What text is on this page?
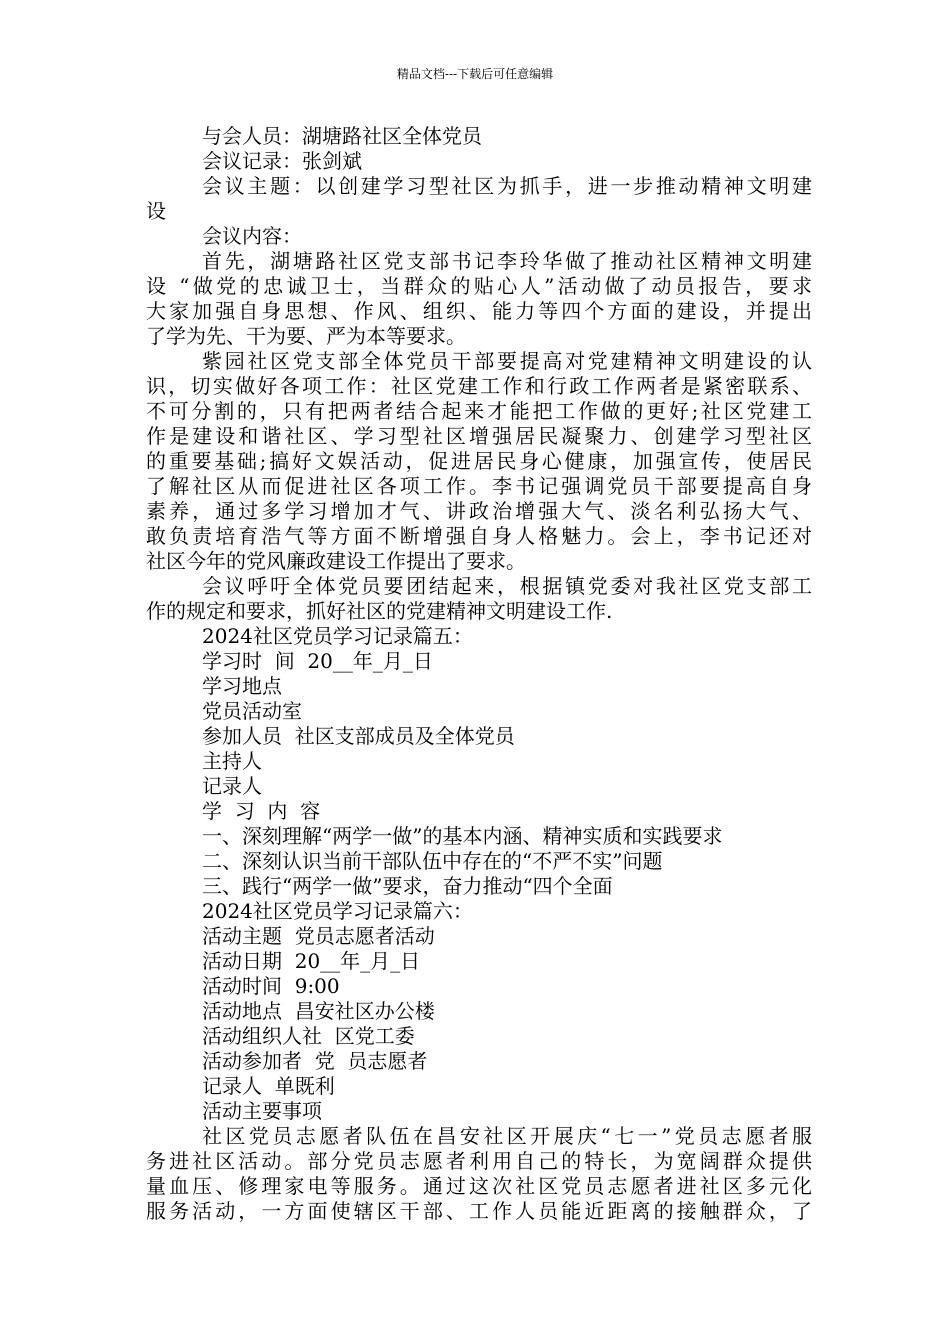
精品文档---下载后可任意编辑
与会人员：湖塘路社区全体党员
会议记录：张剑斌
会议主题：以创建学习型社区为抓手，进一步推动精神文明建
设
会议内容：
首先，湖塘路社区党支部书记李玲华做了推动社区精神文明建
设 “做党的忠诚卫士，当群众的贴心人”活动做了动员报告，要求
大家加强自身思想、作风、组织、能力等四个方面的建设，并提出
了学为先、干为要、严为本等要求。
紫园社区党支部全体党员干部要提高对党建精神文明建设的认
识，切实做好各项工作：社区党建工作和行政工作两者是紧密联系、
不可分割的，只有把两者结合起来才能把工作做的更好;社区党建工
作是建设和谐社区、学习型社区增强居民凝聚力、创建学习型社区
的重要基础;搞好文娱活动，促进居民身心健康，加强宣传，使居民
了解社区从而促进社区各项工作。李书记强调党员干部要提高自身
素养，通过多学习增加才气、讲政治增强大气、淡名利弘扬大气、
敢负责培育浩气等方面不断增强自身人格魅力。会上，李书记还对
社区今年的党风廉政建设工作提出了要求。
会议呼吁全体党员要团结起来，根据镇党委对我社区党支部工
作的规定和要求，抓好社区的党建精神文明建设工作.
2024社区党员学习记录篇五：
学习时  间  20__年_月_日
学习地点
党员活动室
参加人员  社区支部成员及全体党员
主持人
记录人
学  习  内  容
一、深刻理解“两学一做”的基本内涵、精神实质和实践要求
二、深刻认识当前干部队伍中存在的“不严不实”问题
三、践行“两学一做”要求，奋力推动“四个全面
2024社区党员学习记录篇六：
活动主题  党员志愿者活动
活动日期  20__年_月_日
活动时间  9:00
活动地点  昌安社区办公楼
活动组织人社  区党工委
活动参加者  党  员志愿者
记录人  单既利
活动主要事项
社区党员志愿者队伍在昌安社区开展庆“七一”党员志愿者服
务进社区活动。部分党员志愿者利用自己的特长，为宽阔群众提供
量血压、修理家电等服务。通过这次社区党员志愿者进社区多元化
服务活动，一方面使辖区干部、工作人员能近距离的接触群众，了
